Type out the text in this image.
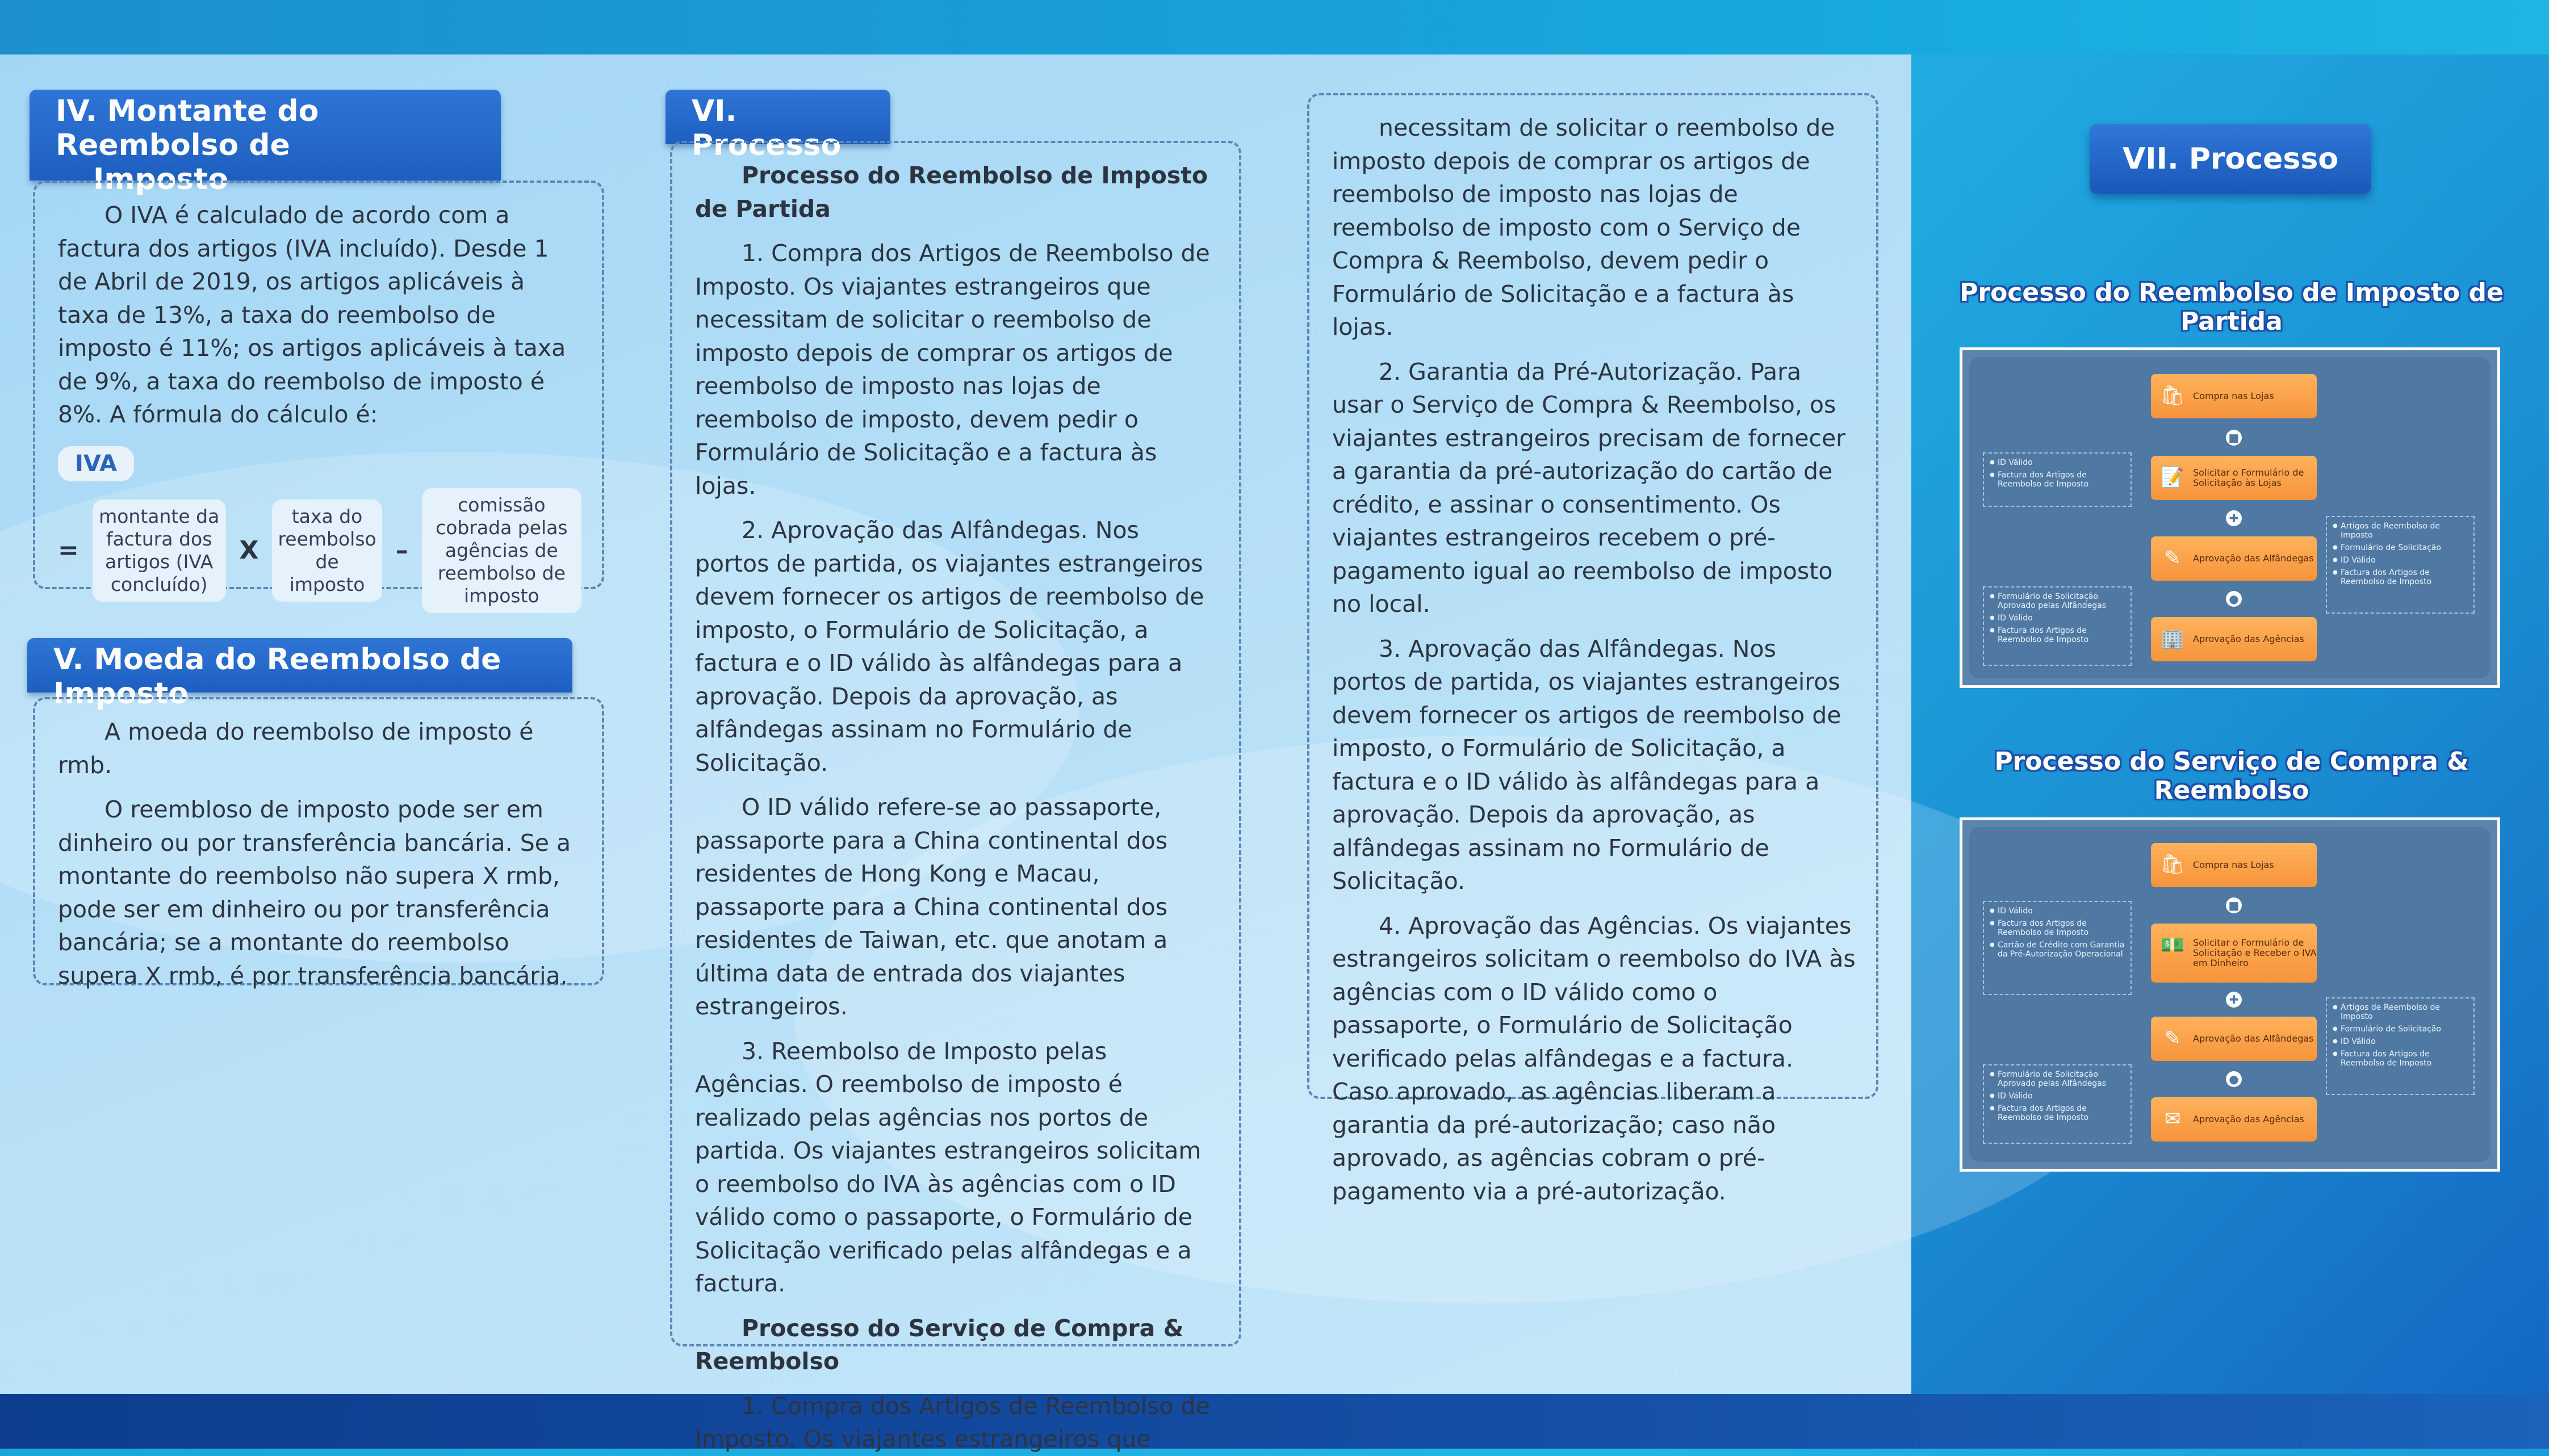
IV. Montante do Reembolso de
Imposto

O IVA é calculado de acordo com a factura dos artigos (IVA incluído). Desde 1 de Abril de 2019, os artigos aplicáveis à taxa de 13%, a taxa do reembolso de imposto é 11%; os artigos aplicáveis à taxa de 9%, a taxa do reembolso de imposto é 8%. A fórmula do cálculo é:

IVA
=
montante da factura dos artigos (IVA concluído)
X
taxa do reembolso de imposto
–
comissão cobrada pelas agências de reembolso de imposto
V. Moeda do Reembolso de Imposto

A moeda do reembolso de imposto é rmb.

O reembloso de imposto pode ser em dinheiro ou por transferência bancária. Se a montante do reembolso não supera X rmb, pode ser em dinheiro ou por transferência bancária; se a montante do reembolso supera X rmb, é por transferência bancária.

VI. Processo

Processo do Reembolso de Imposto de Partida

1. Compra dos Artigos de Reembolso de Imposto. Os viajantes estrangeiros que necessitam de solicitar o reembolso de imposto depois de comprar os artigos de reembolso de imposto nas lojas de reembolso de imposto, devem pedir o Formulário de Solicitação e a factura às lojas.

2. Aprovação das Alfândegas. Nos portos de partida, os viajantes estrangeiros devem fornecer os artigos de reembolso de imposto, o Formulário de Solicitação, a factura e o ID válido às alfândegas para a aprovação. Depois da aprovação, as alfândegas assinam no Formulário de Solicitação.

O ID válido refere-se ao passaporte, passaporte para a China continental dos residentes de Hong Kong e Macau, passaporte para a China continental dos residentes de Taiwan, etc. que anotam a última data de entrada dos viajantes estrangeiros.

3. Reembolso de Imposto pelas Agências. O reembolso de imposto é realizado pelas agências nos portos de partida. Os viajantes estrangeiros solicitam o reembolso do IVA às agências com o ID válido como o passaporte, o Formulário de Solicitação verificado pelas alfândegas e a factura.

Processo do Serviço de Compra & Reembolso

1. Compra dos Artigos de Reembolso de Imposto. Os viajantes estrangeiros que

necessitam de solicitar o reembolso de imposto depois de comprar os artigos de reembolso de imposto nas lojas de reembolso de imposto com o Serviço de Compra & Reembolso, devem pedir o Formulário de Solicitação e a factura às lojas.

2. Garantia da Pré-Autorização. Para usar o Serviço de Compra & Reembolso, os viajantes estrangeiros precisam de fornecer a garantia da pré-autorização do cartão de crédito, e assinar o consentimento. Os viajantes estrangeiros recebem o pré-pagamento igual ao reembolso de imposto no local.

3. Aprovação das Alfândegas. Nos portos de partida, os viajantes estrangeiros devem fornecer os artigos de reembolso de imposto, o Formulário de Solicitação, a factura e o ID válido às alfândegas para a aprovação. Depois da aprovação, as alfândegas assinam no Formulário de Solicitação.

4. Aprovação das Agências. Os viajantes estrangeiros solicitam o reembolso do IVA às agências com o ID válido como o passaporte, o Formulário de Solicitação verificado pelas alfândegas e a factura. Caso aprovado, as agências liberam a garantia da pré-autorização; caso não aprovado, as agências cobram o pré-pagamento via a pré-autorização.

VII. Processo
Processo do Reembolso de Imposto de Partida
🛍 Compra nas Lojas
■
📝 Solicitar o Formulário de Solicitação às Lojas
✚
✎	Aprovação das Alfândegas
●
🏢 Aprovação das Agências
● ID Válido
● Factura dos Artigos de Reembolso de Imposto
● Artigos de Reembolso de Imposto
● Formulário de Solicitação
● ID Válido
● Factura dos Artigos de Reembolso de Imposto
● Formulário de Solicitação Aprovado pelas Alfândegas
● ID Válido
● Factura dos Artigos de Reembolso de Imposto
Processo do Serviço de Compra & Reembolso
🛍 Compra nas Lojas
■
💵 Solicitar o Formulário de Solicitação e Receber o IVA em Dinheiro
✚
✎	Aprovação das Alfândegas
●
✉	Aprovação das Agências
● ID Válido
● Factura dos Artigos de Reembolso de Imposto
● Cartão de Crédito com Garantia da Pré-Autorização Operacional
● Artigos de Reembolso de Imposto
● Formulário de Solicitação
● ID Válido
● Factura dos Artigos de Reembolso de Imposto
● Formulário de Solicitação Aprovado pelas Alfândegas
● ID Válido
● Factura dos Artigos de Reembolso de Imposto
